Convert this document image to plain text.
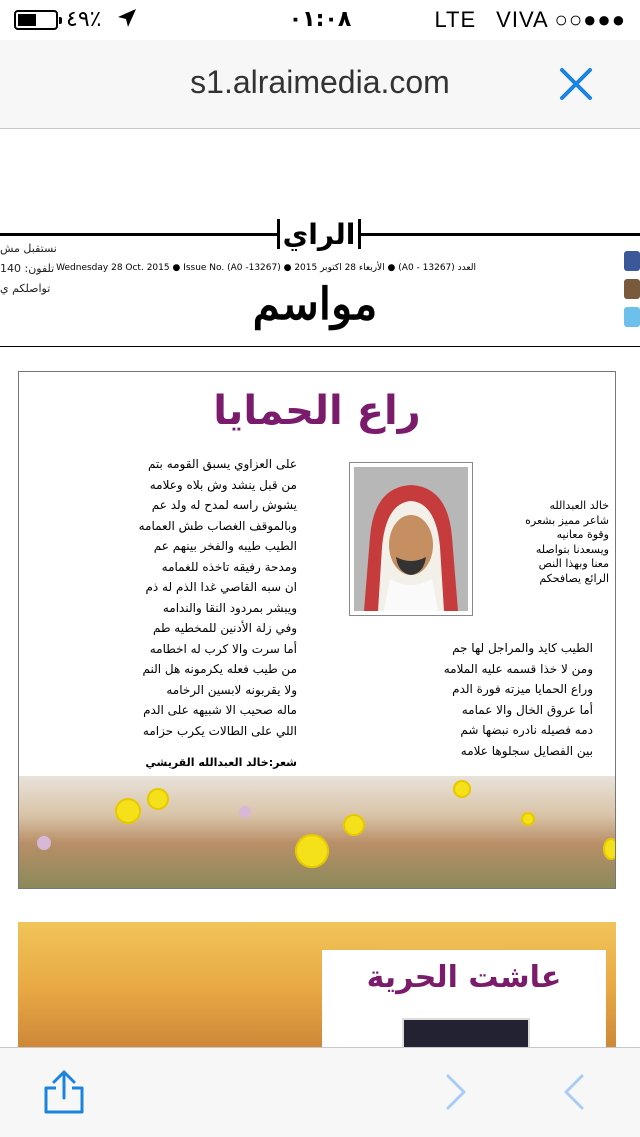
٤٩٪	٠١:٠٨	LTE VIVA ○○●●●
s1.alraimedia.com
نستقبل مش
تلفون: 140
تواصلكم ي
الراي
العدد (13267 - A0) ● الأربعاء 28 اكتوبر 2015 ● Wednesday 28 Oct. 2015 ● Issue No. (A0 -13267)
مواسم
راع الحمايا
على العزاوي يسبق القومه بتم
من قبل ينشد وش بلاه وعلامه
يشوش راسه لمدح له ولد عم
وبالموقف الغصاب طش العمامه
الطيب طيبه والفخر بينهم عم
ومدحة رفيقه تاخذه للغمامه
ان سبه القاصي غدا الذم له ذم
ويبشر بمردود النقا والندامه
وفي زلة الأدنين للمخطيه طم
أما سرت والا كرب له اخطامه
من طيب فعله يكرمونه هل النم
ولا يقربونه لابسين الرخامه
ماله صحيب الا شبيهه على الدم
اللي على الطالات يكرب حزامه
شعر:خالد العبدالله القريشي
خالد العبدالله
شاعر مميز بشعره
وقوة معانيه
ويسعدنا بتواصله
معنا وبهذا النص
الرائع يصافحكم
الطيب كايد والمراجل لها جم
ومن لا خذا قسمه عليه الملامه
وراع الحمايا ميزته فورة الدم
أما عروق الخال والا عمامه
دمه فصيله نادره نبضها شم
بين الفصايل سجلوها علامه
عاشت الحرية
